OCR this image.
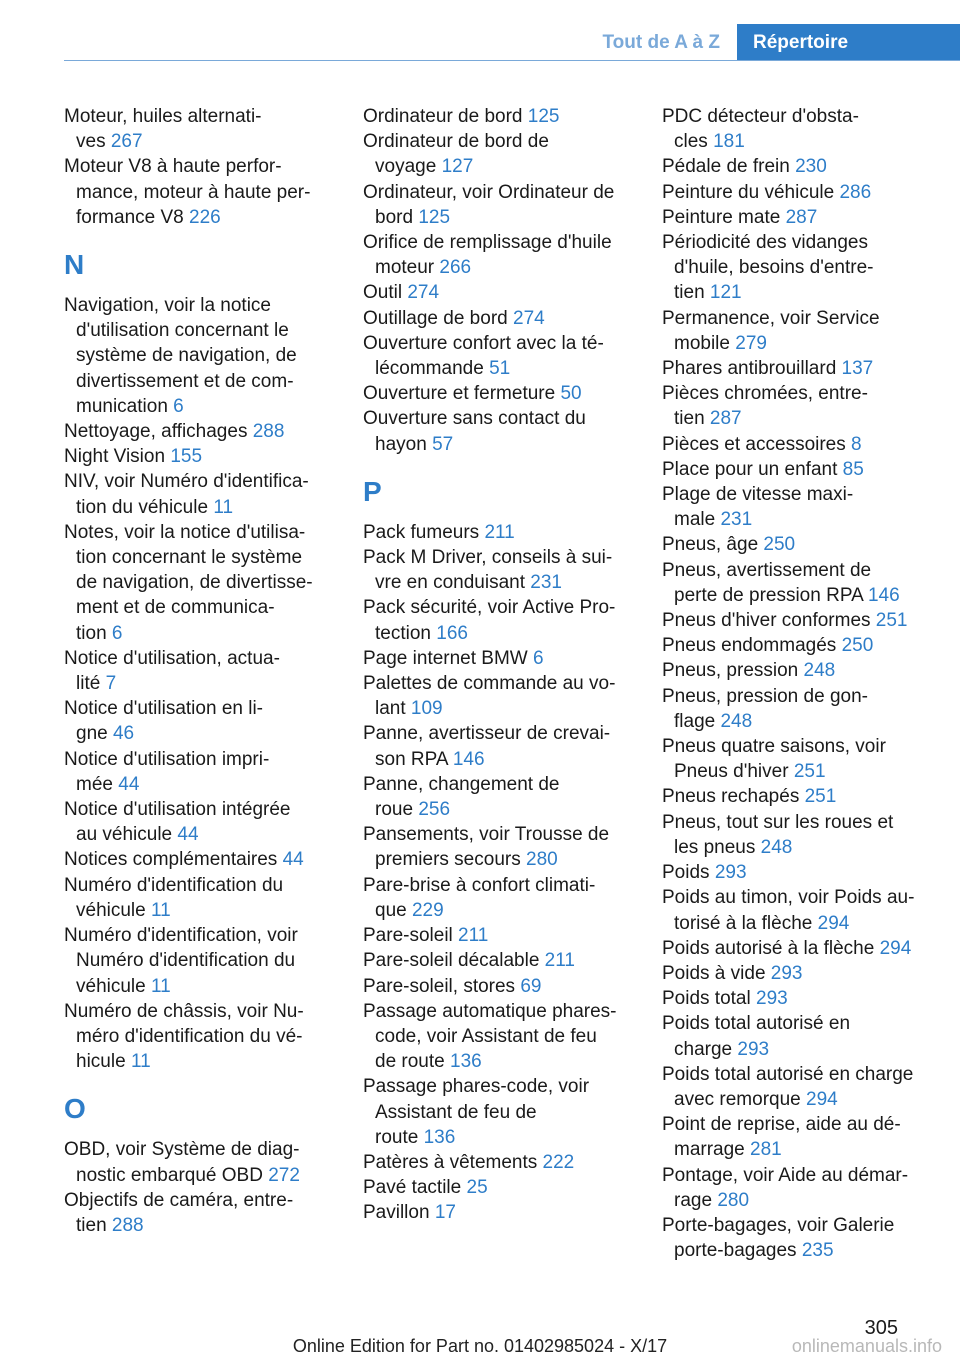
Tout de A à Z	Répertoire
Moteur, huiles alternati-
ves 267
Moteur V8 à haute perfor-
mance, moteur à haute per-
formance V8 226
N
Navigation, voir la notice
d'utilisation concernant le
système de navigation, de
divertissement et de com-
munication 6
Nettoyage, affichages 288
Night Vision 155
NIV, voir Numéro d'identifica-
tion du véhicule 11
Notes, voir la notice d'utilisa-
tion concernant le système
de navigation, de divertisse-
ment et de communica-
tion 6
Notice d'utilisation, actua-
lité 7
Notice d'utilisation en li-
gne 46
Notice d'utilisation impri-
mée 44
Notice d'utilisation intégrée
au véhicule 44
Notices complémentaires 44
Numéro d'identification du
véhicule 11
Numéro d'identification, voir
Numéro d'identification du
véhicule 11
Numéro de châssis, voir Nu-
méro d'identification du vé-
hicule 11
O
OBD, voir Système de diag-
nostic embarqué OBD 272
Objectifs de caméra, entre-
tien 288
Ordinateur de bord 125
Ordinateur de bord de
voyage 127
Ordinateur, voir Ordinateur de
bord 125
Orifice de remplissage d'huile
moteur 266
Outil 274
Outillage de bord 274
Ouverture confort avec la té-
lécommande 51
Ouverture et fermeture 50
Ouverture sans contact du
hayon 57
P
Pack fumeurs 211
Pack M Driver, conseils à sui-
vre en conduisant 231
Pack sécurité, voir Active Pro-
tection 166
Page internet BMW 6
Palettes de commande au vo-
lant 109
Panne, avertisseur de crevai-
son RPA 146
Panne, changement de
roue 256
Pansements, voir Trousse de
premiers secours 280
Pare-brise à confort climati-
que 229
Pare-soleil 211
Pare-soleil décalable 211
Pare-soleil, stores 69
Passage automatique phares-
code, voir Assistant de feu
de route 136
Passage phares-code, voir
Assistant de feu de
route 136
Patères à vêtements 222
Pavé tactile 25
Pavillon 17
PDC détecteur d'obsta-
cles 181
Pédale de frein 230
Peinture du véhicule 286
Peinture mate 287
Périodicité des vidanges
d'huile, besoins d'entre-
tien 121
Permanence, voir Service
mobile 279
Phares antibrouillard 137
Pièces chromées, entre-
tien 287
Pièces et accessoires 8
Place pour un enfant 85
Plage de vitesse maxi-
male 231
Pneus, âge 250
Pneus, avertissement de
perte de pression RPA 146
Pneus d'hiver conformes 251
Pneus endommagés 250
Pneus, pression 248
Pneus, pression de gon-
flage 248
Pneus quatre saisons, voir
Pneus d'hiver 251
Pneus rechapés 251
Pneus, tout sur les roues et
les pneus 248
Poids 293
Poids au timon, voir Poids au-
torisé à la flèche 294
Poids autorisé à la flèche 294
Poids à vide 293
Poids total 293
Poids total autorisé en
charge 293
Poids total autorisé en charge
avec remorque 294
Point de reprise, aide au dé-
marrage 281
Pontage, voir Aide au démar-
rage 280
Porte-bagages, voir Galerie
porte-bagages 235
305
Online Edition for Part no. 01402985024 - X/17	onlinemanuals.info
